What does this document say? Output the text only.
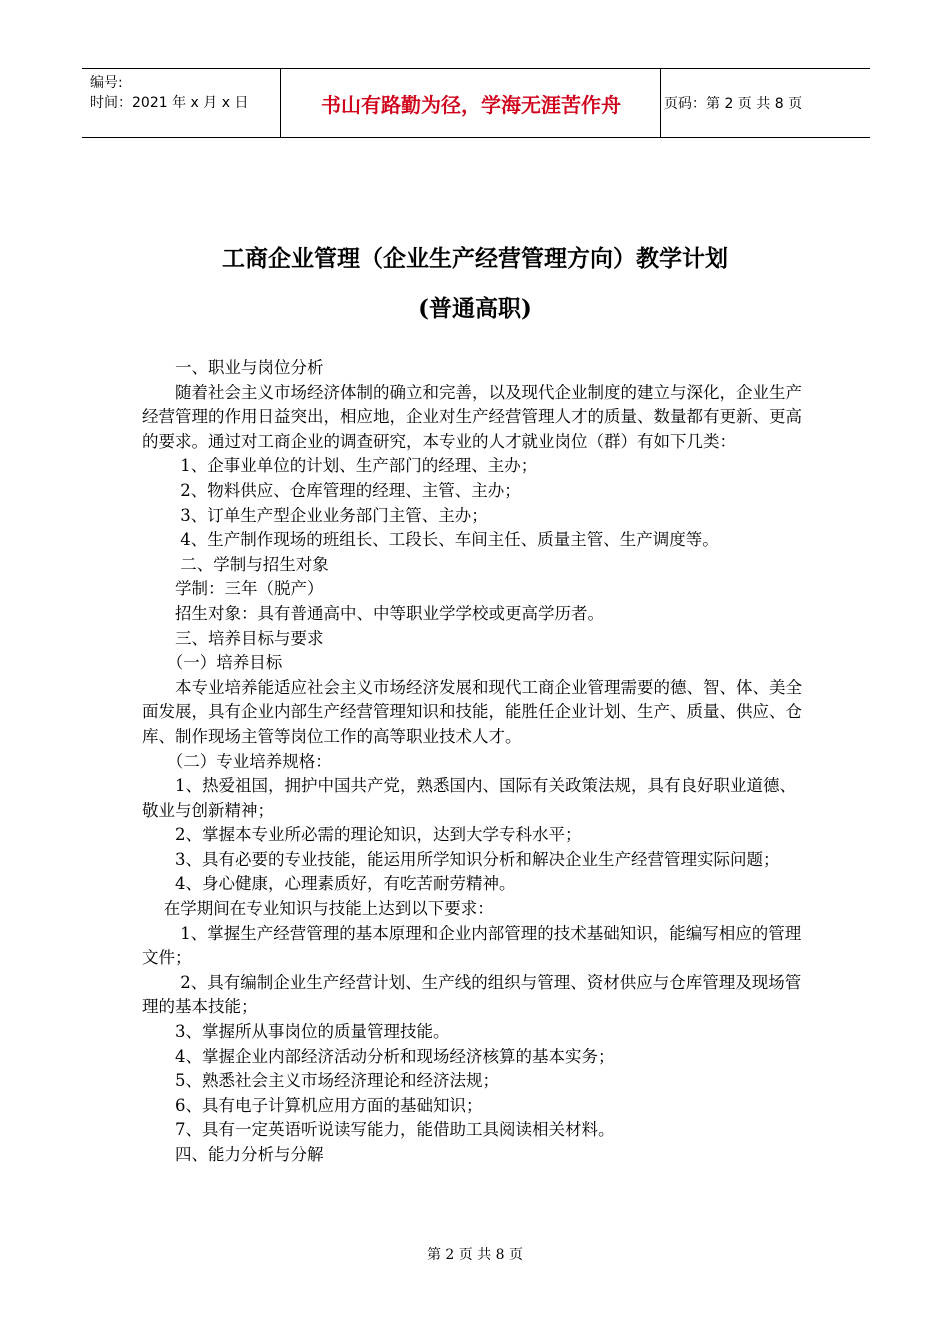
编号:
时间：2021 年 x 月 x 日	书山有路勤为径，学海无涯苦作舟	页码：第 2 页 共 8 页
工商企业管理（企业生产经营管理方向）教学计划
(普通高职)

　　一、职业与岗位分析

　　随着社会主义市场经济体制的确立和完善，以及现代企业制度的建立与深化，企业生产经营管理的作用日益突出，相应地，企业对生产经营管理人才的质量、数量都有更新、更高的要求。通过对工商企业的调查研究，本专业的人才就业岗位（群）有如下几类：

　　 1、企事业单位的计划、生产部门的经理、主办；

　　 2、物料供应、仓库管理的经理、主管、主办；

　　 3、订单生产型企业业务部门主管、主办；

　　 4、生产制作现场的班组长、工段长、车间主任、质量主管、生产调度等。

　　 二、学制与招生对象

　　学制：三年（脱产）

　　招生对象：具有普通高中、中等职业学学校或更高学历者。

　　三、培养目标与要求

　　（一）培养目标

　　本专业培养能适应社会主义市场经济发展和现代工商企业管理需要的德、智、体、美全面发展，具有企业内部生产经营管理知识和技能，能胜任企业计划、生产、质量、供应、仓库、制作现场主管等岗位工作的高等职业技术人才。

　　（二）专业培养规格：

　　1、热爱祖国，拥护中国共产党，熟悉国内、国际有关政策法规，具有良好职业道德、敬业与创新精神；

　　2、掌握本专业所必需的理论知识，达到大学专科水平；

　　3、具有必要的专业技能，能运用所学知识分析和解决企业生产经营管理实际问题；

　　4、身心健康，心理素质好，有吃苦耐劳精神。

　 在学期间在专业知识与技能上达到以下要求：

　　 1、掌握生产经营管理的基本原理和企业内部管理的技术基础知识，能编写相应的管理文件；

　　 2、具有编制企业生产经营计划、生产线的组织与管理、资材供应与仓库管理及现场管理的基本技能；

　　3、掌握所从事岗位的质量管理技能。

　　4、掌握企业内部经济活动分析和现场经济核算的基本实务；

　　5、熟悉社会主义市场经济理论和经济法规；

　　6、具有电子计算机应用方面的基础知识；

　　7、具有一定英语听说读写能力，能借助工具阅读相关材料。

　　四、能力分析与分解

第 2 页 共 8 页
